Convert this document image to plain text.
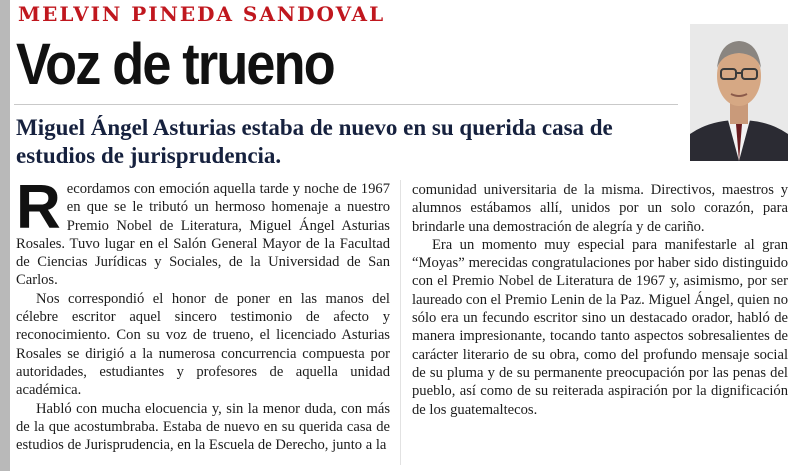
MELVIN PINEDA SANDOVAL
Voz de trueno

Miguel Ángel Asturias estaba de nuevo en su querida casa de estudios de jurisprudencia.

Recordamos con emoción aquella tarde y noche de 1967 en que se le tributó un hermoso homenaje a nuestro Premio Nobel de Literatura, Miguel Ángel Asturias Rosales. Tuvo lugar en el Salón General Mayor de la Facultad de Ciencias Jurídicas y Sociales, de la Universidad de San Carlos.

Nos correspondió el honor de poner en las manos del célebre escritor aquel sincero testimonio de afecto y reconocimiento. Con su voz de trueno, el licenciado Asturias Rosales se dirigió a la numerosa concurrencia compuesta por autoridades, estudiantes y profesores de aquella unidad académica.

Habló con mucha elocuencia y, sin la menor duda, con más de la que acostumbraba. Estaba de nuevo en su querida casa de estudios de Jurisprudencia, en la Escuela de Derecho, junto a la

comunidad universitaria de la misma. Directivos, maestros y alumnos estábamos allí, unidos por un solo corazón, para brindarle una demostración de alegría y de cariño.

Era un momento muy especial para manifestarle al gran “Moyas” merecidas congratulaciones por haber sido distinguido con el Premio Nobel de Literatura de 1967 y, asimismo, por ser laureado con el Premio Lenin de la Paz. Miguel Ángel, quien no sólo era un fecundo escritor sino un destacado orador, habló de manera impresionante, tocando tanto aspectos sobresalientes de carácter literario de su obra, como del profundo mensaje social de su pluma y de su permanente preocupación por las penas del pueblo, así como de su reiterada aspiración por la dignificación de los guatemaltecos.
